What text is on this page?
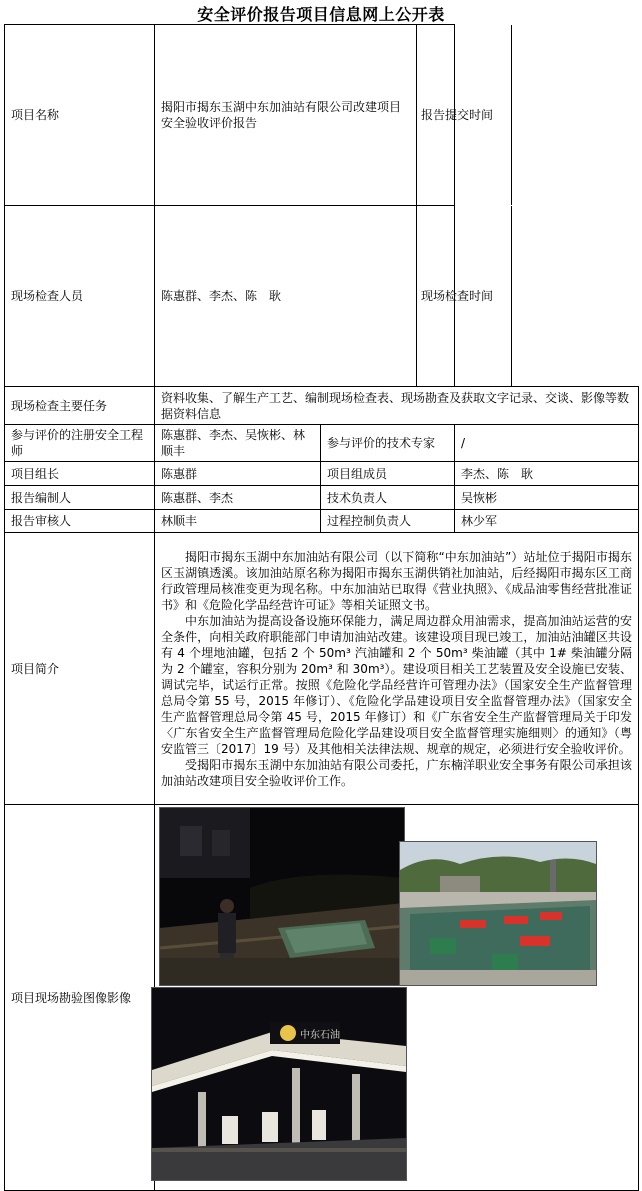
安全评价报告项目信息网上公开表
项目名称	揭阳市揭东玉湖中东加油站有限公司改建项目安全验收评价报告	
报告提交时间	

现场检查人员	陈惠群、李杰、陈　耿		现场检查时间	

现场检查主要任务	资料收集、了解生产工艺、编制现场检查表、现场勘查及获取文字记录、交谈、影像等数据资料信息
参与评价的注册安全工程师	陈惠群、李杰、吴恢彬、林顺丰	参与评价的技术专家	/
项目组长	陈惠群	项目组成员	李杰、陈　耿
报告编制人	陈惠群、李杰	技术负责人	吴恢彬
报告审核人	林顺丰	过程控制负责人	林少军
项目简介	

揭阳市揭东玉湖中东加油站有限公司（以下简称“中东加油站”）站址位于揭阳市揭东区玉湖镇透溪。该加油站原名称为揭阳市揭东玉湖供销社加油站，后经揭阳市揭东区工商行政管理局核准变更为现名称。中东加油站已取得《营业执照》、《成品油零售经营批准证书》和《危险化学品经营许可证》等相关证照文书。

中东加油站为提高设备设施环保能力，满足周边群众用油需求，提高加油站运营的安全条件，向相关政府职能部门申请加油站改建。该建设项目现已竣工，加油站油罐区共设有 4 个埋地油罐，包括 2 个 50m³ 汽油罐和 2 个 50m³ 柴油罐（其中 1# 柴油罐分隔为 2 个罐室，容积分别为 20m³ 和 30m³）。建设项目相关工艺装置及安全设施已安装、调试完毕，试运行正常。按照《危险化学品经营许可管理办法》（国家安全生产监督管理总局令第 55 号，2015 年修订）、《危险化学品建设项目安全监督管理办法》（国家安全生产监督管理总局令第 45 号，2015 年修订）和《广东省安全生产监督管理局关于印发〈广东省安全生产监督管理局危险化学品建设项目安全监督管理实施细则〉的通知》（粤安监管三〔2017〕19 号）及其他相关法律法规、规章的规定，必须进行安全验收评价。

受揭阳市揭东玉湖中东加油站有限公司委托，广东楠洋职业安全事务有限公司承担该加油站改建项目安全验收评价工作。

项目现场勘验图像影像	
中东石油
